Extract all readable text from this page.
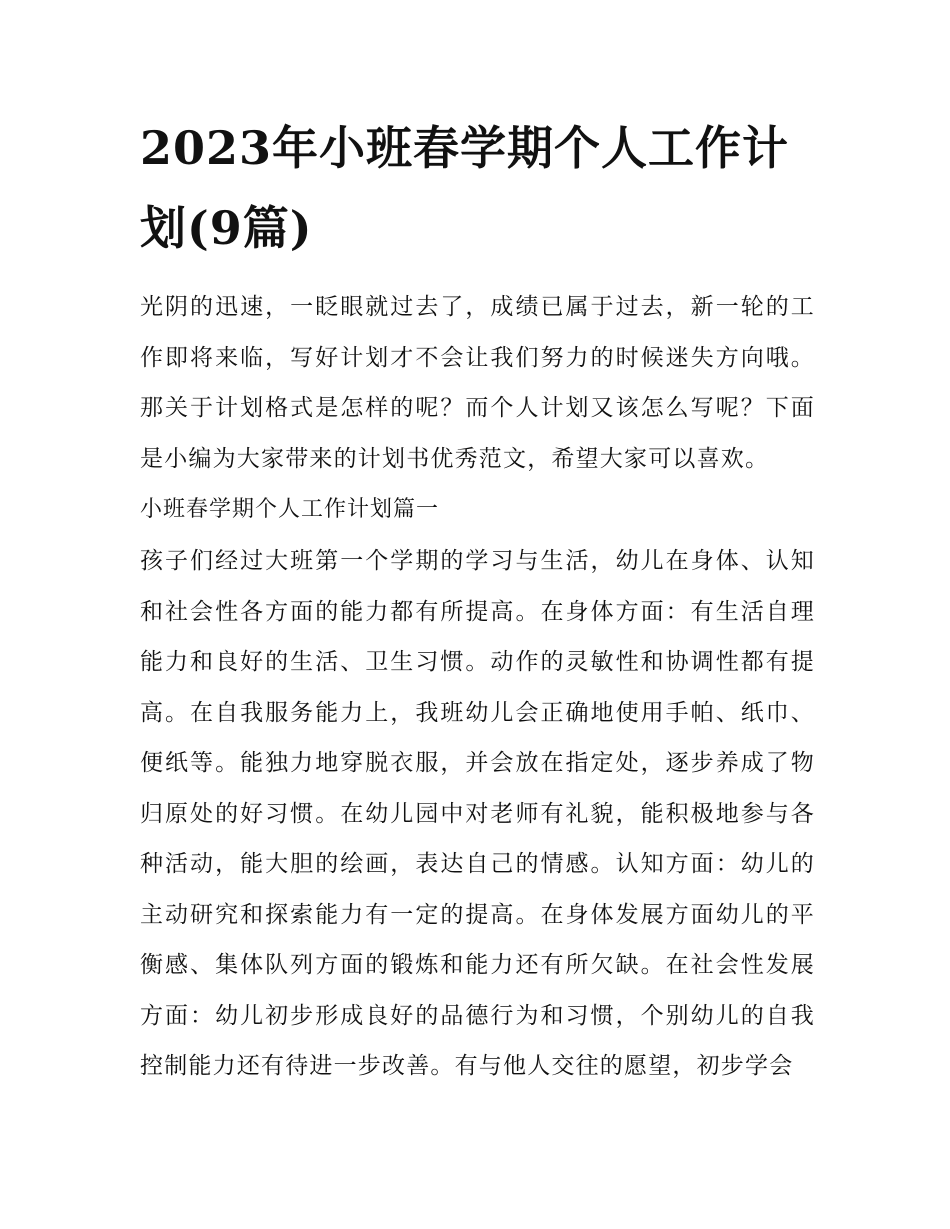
2023年小班春学期个人工作计划(9篇)

光阴的迅速，一眨眼就过去了，成绩已属于过去，新一轮的工作即将来临，写好计划才不会让我们努力的时候迷失方向哦。那关于计划格式是怎样的呢？而个人计划又该怎么写呢？下面是小编为大家带来的计划书优秀范文，希望大家可以喜欢。

小班春学期个人工作计划篇一

孩子们经过大班第一个学期的学习与生活，幼儿在身体、认知和社会性各方面的能力都有所提高。在身体方面：有生活自理能力和良好的生活、卫生习惯。动作的灵敏性和协调性都有提高。在自我服务能力上，我班幼儿会正确地使用手帕、纸巾、便纸等。能独力地穿脱衣服，并会放在指定处，逐步养成了物归原处的好习惯。在幼儿园中对老师有礼貌，能积极地参与各种活动，能大胆的绘画，表达自己的情感。认知方面：幼儿的主动研究和探索能力有一定的提高。在身体发展方面幼儿的平衡感、集体队列方面的锻炼和能力还有所欠缺。在社会性发展方面：幼儿初步形成良好的品德行为和习惯，个别幼儿的自我控制能力还有待进一步改善。有与他人交往的愿望，初步学会
